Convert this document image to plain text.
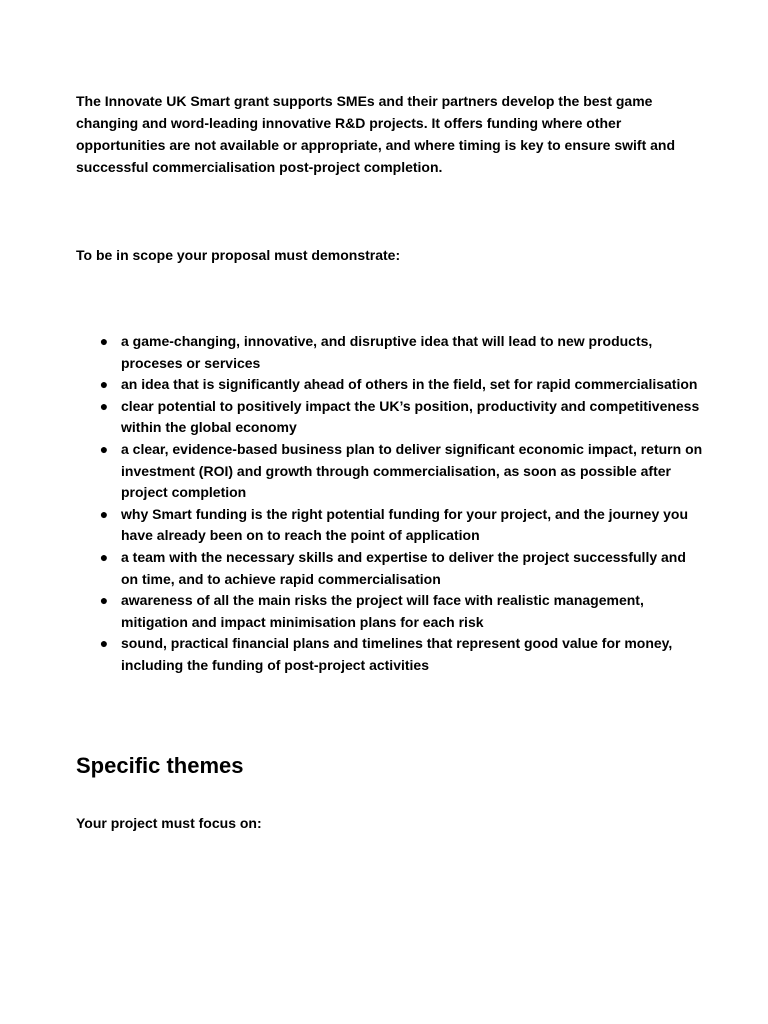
The Innovate UK Smart grant supports SMEs and their partners develop the best game changing and word-leading innovative R&D projects. It offers funding where other opportunities are not available or appropriate, and where timing is key to ensure swift and successful commercialisation post-project completion.

To be in scope your proposal must demonstrate:

● a game-changing, innovative, and disruptive idea that will lead to new products, proceses or services
● an idea that is significantly ahead of others in the field, set for rapid commercialisation
● clear potential to positively impact the UK’s position, productivity and competitiveness within the global economy
● a clear, evidence-based business plan to deliver significant economic impact, return on investment (ROI) and growth through commercialisation, as soon as possible after project completion
● why Smart funding is the right potential funding for your project, and the journey you have already been on to reach the point of application
● a team with the necessary skills and expertise to deliver the project successfully and on time, and to achieve rapid commercialisation
● awareness of all the main risks the project will face with realistic management, mitigation and impact minimisation plans for each risk
● sound, practical financial plans and timelines that represent good value for money, including the funding of post-project activities
Specific themes

Your project must focus on:
